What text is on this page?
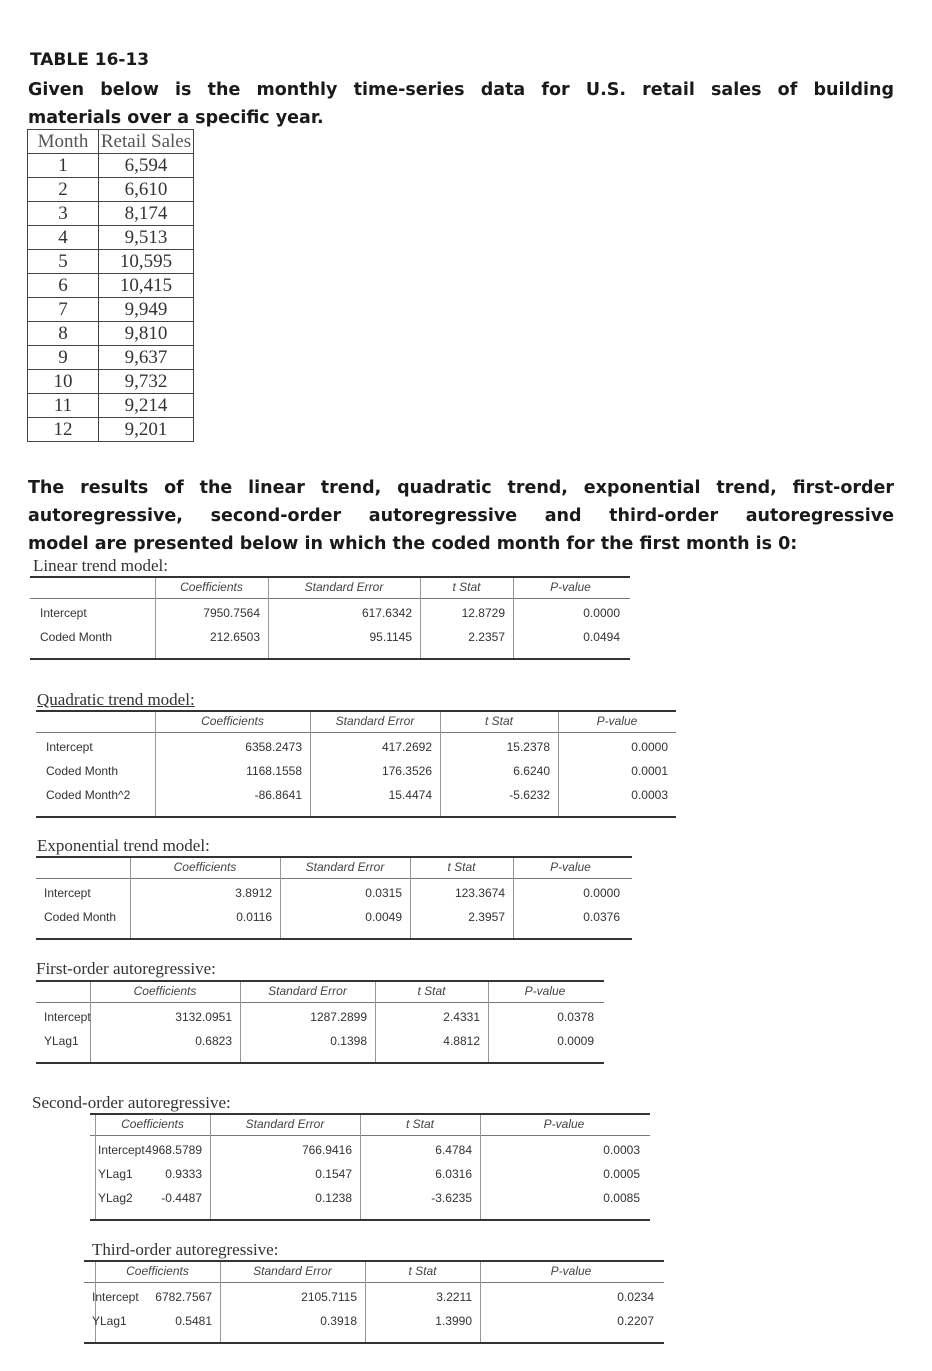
TABLE 16-13
Given below is the monthly time-series data for U.S. retail sales of building
materials over a specific year.
Month	Retail Sales
1	6,594
2	6,610
3	8,174
4	9,513
5	10,595
6	10,415
7	9,949
8	9,810
9	9,637
10	9,732
11	9,214
12	9,201
The results of the linear trend, quadratic trend, exponential trend, first-order
autoregressive, second-order autoregressive and third-order autoregressive
model are presented below in which the coded month for the first month is 0:
Linear trend model:
Coefficients	Standard Error	t Stat	P-value
Intercept	7950.7564	617.6342	12.8729	0.0000
Coded Month	212.6503	95.1145	2.2357	0.0494
Quadratic trend model:
Coefficients	Standard Error	t Stat	P-value
Intercept	6358.2473	417.2692	15.2378	0.0000
Coded Month	1168.1558	176.3526	6.6240	0.0001
Coded Month^2	-86.8641	15.4474	-5.6232	0.0003
Exponential trend model:
Coefficients	Standard Error	t Stat	P-value
Intercept	3.8912	0.0315	123.3674	0.0000
Coded Month	0.0116	0.0049	2.3957	0.0376
First-order autoregressive:
Coefficients	Standard Error	t Stat	P-value
Intercept	3132.0951	1287.2899	2.4331	0.0378
YLag1	0.6823	0.1398	4.8812	0.0009
Second-order autoregressive:
Coefficients	Standard Error	t Stat	P-value
Intercept 4968.5789	766.9416	6.4784	0.0003
YLag1	0.9333	0.1547	6.0316	0.0005
YLag2	-0.4487	0.1238	-3.6235	0.0085
Third-order autoregressive:
Coefficients	Standard Error	t Stat	P-value
Intercept	6782.7567	2105.7115	3.2211	0.0234
YLag1	0.5481	0.3918	1.3990	0.2207
